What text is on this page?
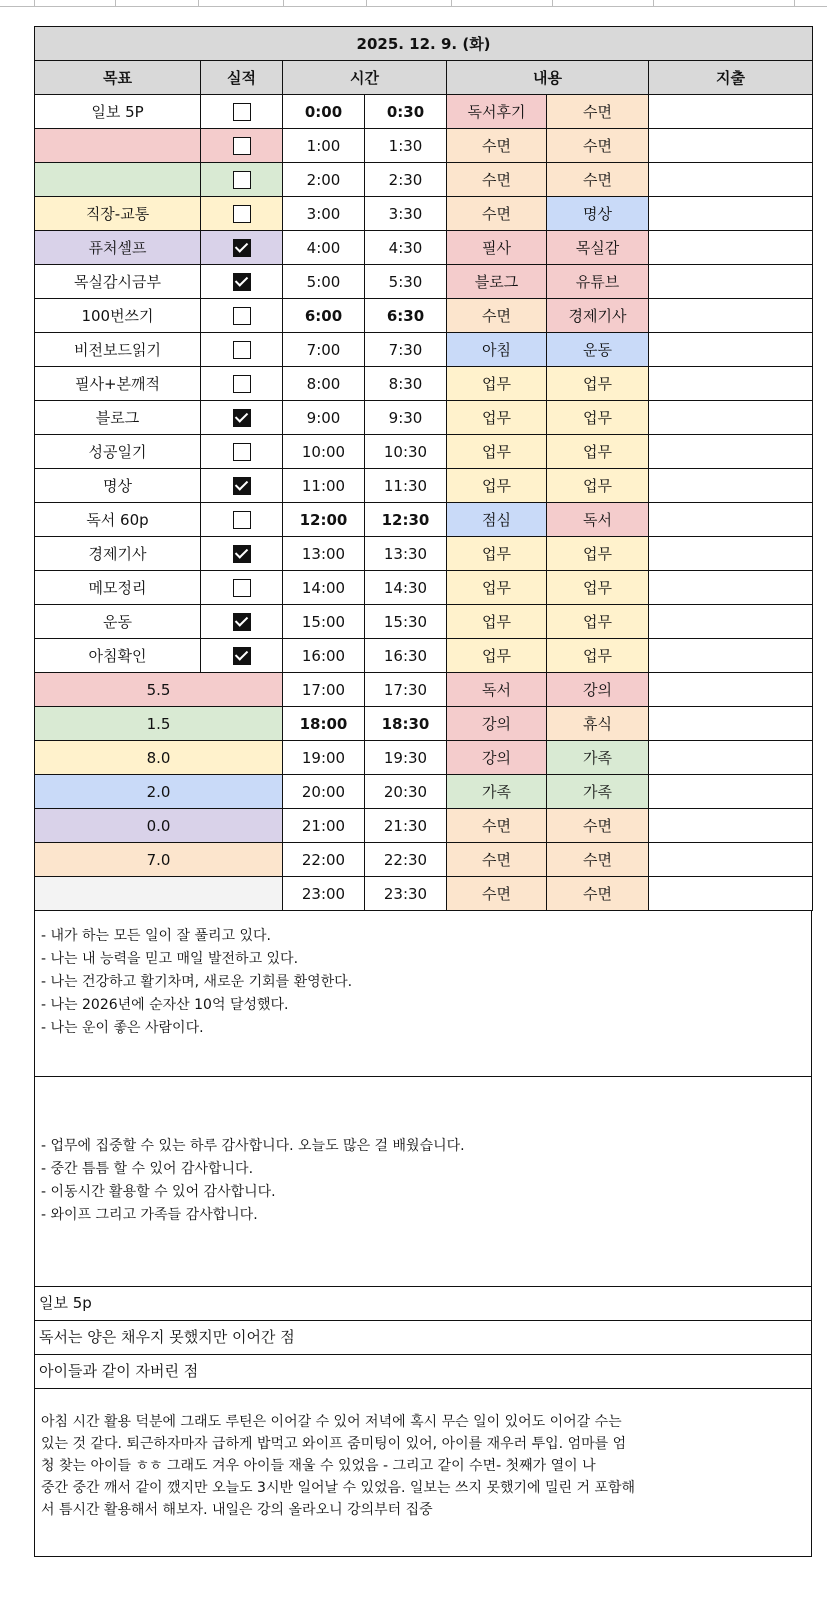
2025. 12. 9. (화)						
목표	실적	시간		내용		지출
일보 5P		0:00	0:30	독서후기	수면	
		1:00	1:30	수면	수면	
		2:00	2:30	수면	수면	
직장-교통		3:00	3:30	수면	명상	
퓨처셀프		4:00	4:30	필사	목실감	
목실감시금부		5:00	5:30	블로그	유튜브	
100번쓰기		6:00	6:30	수면	경제기사	
비전보드읽기		7:00	7:30	아침	운동	
필사+본깨적		8:00	8:30	업무	업무	
블로그		9:00	9:30	업무	업무	
성공일기		10:00	10:30	업무	업무	
명상		11:00	11:30	업무	업무	
독서 60p		12:00	12:30	점심	독서	
경제기사		13:00	13:30	업무	업무	
메모정리		14:00	14:30	업무	업무	
운동		15:00	15:30	업무	업무	
아침확인		16:00	16:30	업무	업무	
5.5		17:00	17:30	독서	강의	
1.5		18:00	18:30	강의	휴식	
8.0		19:00	19:30	강의	가족	
2.0		20:00	20:30	가족	가족	
0.0		21:00	21:30	수면	수면	
7.0		22:00	22:30	수면	수면	
		23:00	23:30	수면	수면	
- 내가 하는 모든 일이 잘 풀리고 있다.
- 나는 내 능력을 믿고 매일 발전하고 있다.
- 나는 건강하고 활기차며, 새로운 기회를 환영한다.
- 나는 2026년에 순자산 10억 달성했다.
- 나는 운이 좋은 사람이다.
- 업무에 집중할 수 있는 하루 감사합니다. 오늘도 많은 걸 배웠습니다.
- 중간 틈틈 할 수 있어 감사합니다.
- 이동시간 활용할 수 있어 감사합니다.
- 와이프 그리고 가족들 감사합니다.
일보 5p
독서는 양은 채우지 못했지만 이어간 점
아이들과 같이 자버린 점
아침 시간 활용 덕분에 그래도 루틴은 이어갈 수 있어 저녁에 혹시 무슨 일이 있어도 이어갈 수는
있는 것 같다. 퇴근하자마자 급하게 밥먹고 와이프 줌미팅이 있어, 아이를 재우러 투입. 엄마를 엄
청 찾는 아이들 ㅎㅎ 그래도 겨우 아이들 재울 수 있었음 - 그리고 같이 수면- 첫째가 열이 나
중간 중간 깨서 같이 깼지만 오늘도 3시반 일어날 수 있었음. 일보는 쓰지 못했기에 밀린 거 포함해
서 틈시간 활용해서 해보자. 내일은 강의 올라오니 강의부터 집중
